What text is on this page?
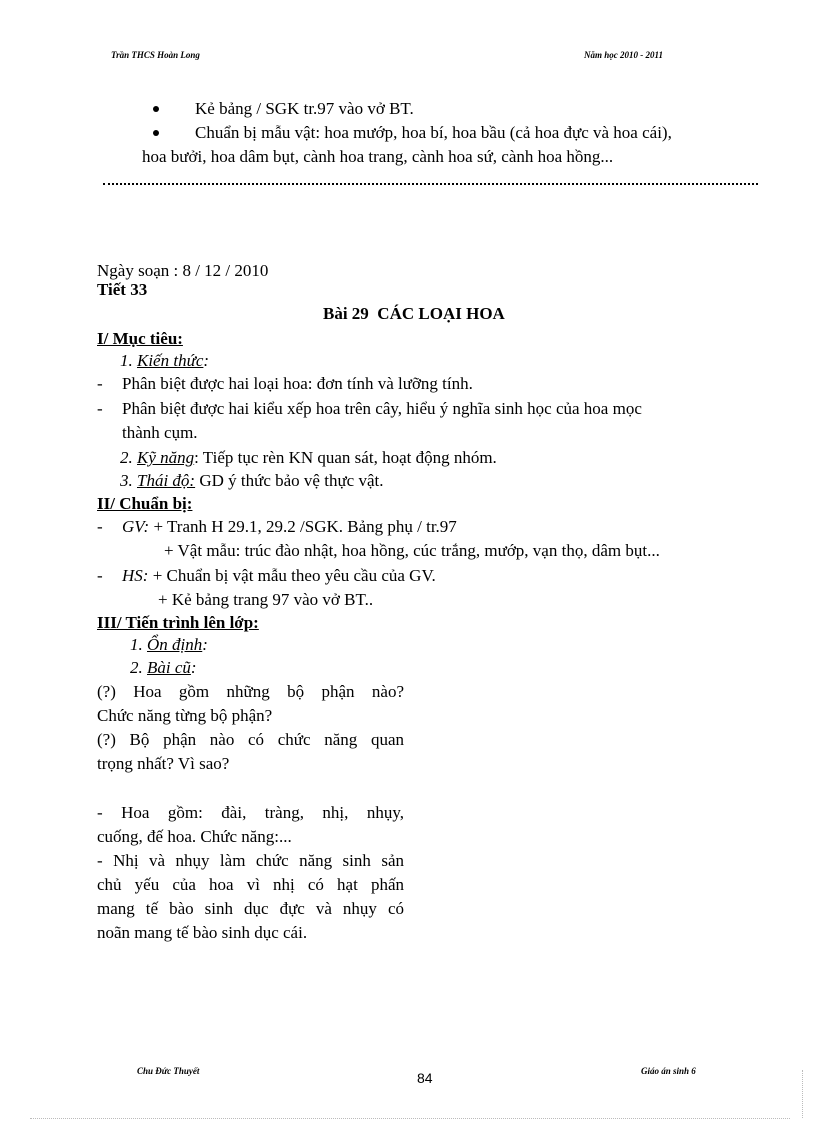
Trần THCS Hoàn Long	Năm học 2010 - 2011
Kẻ bảng / SGK tr.97 vào vở BT.
Chuẩn bị mẫu vật: hoa mướp, hoa bí, hoa bầu (cả hoa đực và hoa cái),
hoa bưởi, hoa dâm bụt, cành hoa trang, cành hoa sứ, cành hoa hồng...
Ngày soạn : 8 / 12 / 2010
Tiết 33
Bài 29  CÁC LOẠI HOA
I/ Mục tiêu:
1. Kiến thức:
- Phân biệt được hai loại hoa: đơn tính và lưỡng tính.
- Phân biệt được hai kiểu xếp hoa trên cây, hiểu ý nghĩa sinh học của hoa mọc
thành cụm.
2. Kỹ năng: Tiếp tục rèn KN quan sát, hoạt động nhóm.
3. Thái độ: GD ý thức bảo vệ thực vật.
II/ Chuẩn bị:
- GV: + Tranh H 29.1, 29.2 /SGK. Bảng phụ / tr.97
+ Vật mẫu: trúc đào nhật, hoa hồng, cúc trắng, mướp, vạn thọ, dâm bụt...
- HS: + Chuẩn bị vật mẫu theo yêu cầu của GV.
+ Kẻ bảng trang 97 vào vở BT..
III/ Tiến trình lên lớp:
1. Ổn định:
2. Bài cũ:
(?) Hoa gồm những bộ phận nào?
Chức năng từng bộ phận?
(?) Bộ phận nào có chức năng quan
trọng nhất? Vì sao?
- Hoa gồm: đài, tràng, nhị, nhụy,
cuống, đế hoa. Chức năng:...
- Nhị và nhụy làm chức năng sinh sản
chủ yếu của hoa vì nhị có hạt phấn
mang tế bào sinh dục đực và nhụy có
noãn mang tế bào sinh dục cái.
Chu Đức Thuyết	84	Giáo án sinh 6
